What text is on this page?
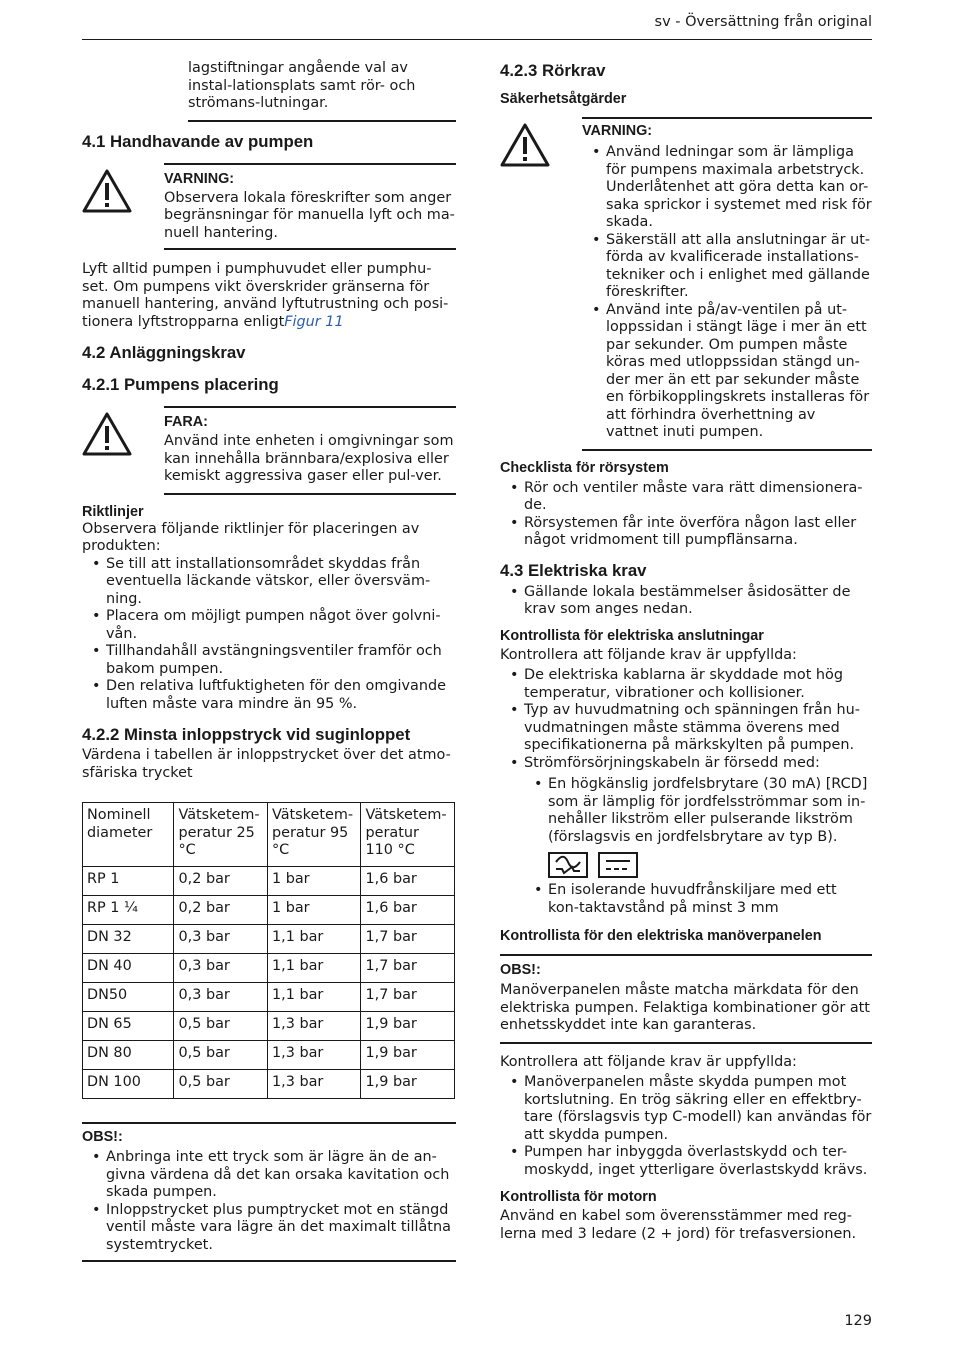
sv - Översättning från original

lagstiftningar angående val av instal-lationsplats samt rör- och strömans-lutningar.

4.1 Handhavande av pumpen
VARNING:

Observera lokala föreskrifter som anger begränsningar för manuella lyft och ma-nuell hantering.

Lyft alltid pumpen i pumphuvudet eller pumphu-set. Om pumpens vikt överskrider gränserna för manuell hantering, använd lyftutrustning och posi-tionera lyftstropparna enligtFigur 11

4.2 Anläggningskrav
4.2.1 Pumpens placering
FARA:

Använd inte enheten i omgivningar som kan innehålla brännbara/explosiva eller kemiskt aggressiva gaser eller pul-ver.

Riktlinjer

Observera följande riktlinjer för placeringen av produkten:

• Se till att installationsområdet skyddas från eventuella läckande vätskor, eller översväm-ning.
• Placera om möjligt pumpen något över golvni-vån.
• Tillhandahåll avstängningsventiler framför och bakom pumpen.
• Den relativa luftfuktigheten för den omgivande luften måste vara mindre än 95 %.
4.2.2 Minsta inloppstryck vid suginloppet

Värdena i tabellen är inloppstrycket över det atmo-sfäriska trycket

Nominell diameter	Vätsketem-peratur 25 °C	Vätsketem-peratur 95 °C	Vätsketem-peratur 110 °C
RP 1	0,2 bar	1 bar	1,6 bar
RP 1 ¼	0,2 bar	1 bar	1,6 bar
DN 32	0,3 bar	1,1 bar	1,7 bar
DN 40	0,3 bar	1,1 bar	1,7 bar
DN50	0,3 bar	1,1 bar	1,7 bar
DN 65	0,5 bar	1,3 bar	1,9 bar
DN 80	0,5 bar	1,3 bar	1,9 bar
DN 100	0,5 bar	1,3 bar	1,9 bar
OBS!:
• Anbringa inte ett tryck som är lägre än de an-givna värdena då det kan orsaka kavitation och skada pumpen.
• Inloppstrycket plus pumptrycket mot en stängd ventil måste vara lägre än det maximalt tillåtna systemtrycket.
4.2.3 Rörkrav
Säkerhetsåtgärder
VARNING:
• Använd ledningar som är lämpliga för pumpens maximala arbetstryck. Underlåtenhet att göra detta kan or-saka sprickor i systemet med risk för skada.
• Säkerställ att alla anslutningar är ut-förda av kvalificerade installations-tekniker och i enlighet med gällande föreskrifter.
• Använd inte på/av-ventilen på ut-loppssidan i stängt läge i mer än ett par sekunder. Om pumpen måste köras med utloppssidan stängd un-der mer än ett par sekunder måste en förbikopplingskrets installeras för att förhindra överhettning av vattnet inuti pumpen.
Checklista för rörsystem
• Rör och ventiler måste vara rätt dimensionera-de.
• Rörsystemen får inte överföra någon last eller något vridmoment till pumpflänsarna.
4.3 Elektriska krav
• Gällande lokala bestämmelser åsidosätter de krav som anges nedan.
Kontrollista för elektriska anslutningar

Kontrollera att följande krav är uppfyllda:

• De elektriska kablarna är skyddade mot hög temperatur, vibrationer och kollisioner.
• Typ av huvudmatning och spänningen från hu-vudmatningen måste stämma överens med specifikationerna på märkskylten på pumpen.
• Strömförsörjningskabeln är försedd med:
• En högkänslig jordfelsbrytare (30 mA) [RCD] som är lämplig för jordfelsströmmar som in-nehåller likström eller pulserande likström (förslagsvis en jordfelsbrytare av typ B).
• En isolerande huvudfrånskiljare med ett kon-taktavstånd på minst 3 mm
Kontrollista för den elektriska manöverpanelen
OBS!:

Manöverpanelen måste matcha märkdata för den elektriska pumpen. Felaktiga kombinationer gör att enhetsskyddet inte kan garanteras.

Kontrollera att följande krav är uppfyllda:

• Manöverpanelen måste skydda pumpen mot kortslutning. En trög säkring eller en effektbry-tare (förslagsvis typ C-modell) kan användas för att skydda pumpen.
• Pumpen har inbyggda överlastskydd och ter-moskydd, inget ytterligare överlastskydd krävs.
Kontrollista för motorn

Använd en kabel som överensstämmer med reg-lerna med 3 ledare (2 + jord) för trefasversionen.

129
